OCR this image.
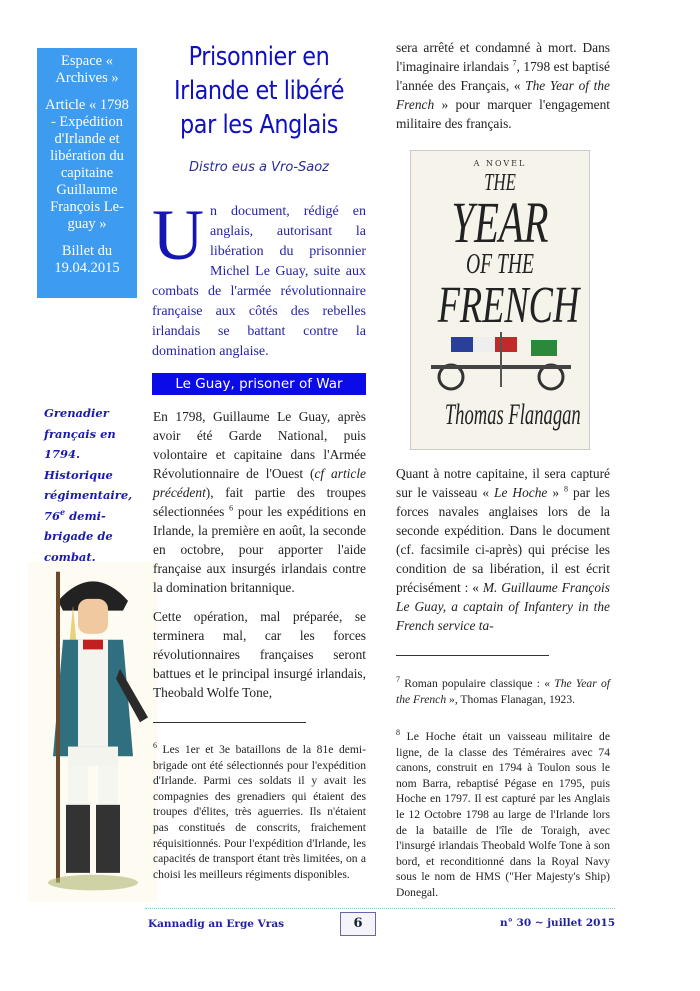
Espace « Archives »

Article « 1798 - Expédition d'Irlande et libération du capitaine Guillaume François Le-guay »

Billet du 19.04.2015

Prisonnier en Irlande et libéré par les Anglais
Distro eus a Vro-Saoz
Un document, rédigé en anglais, autorisant la libération du prisonnier Michel Le Guay, suite aux combats de l'armée révolutionnaire française aux côtés des rebelles irlandais se battant contre la domination anglaise.
Le Guay, prisoner of War
Grenadier français en 1794. Historique régimentaire, 76e demi-brigade de combat.

En 1798, Guillaume Le Guay, après avoir été Garde National, puis volontaire et capitaine dans l'Armée Révolutionnaire de l'Ouest (cf article précédent), fait partie des troupes sélectionnées $^6$ pour les expéditions en Irlande, la première en août, la seconde en octobre, pour apporter l'aide française aux insurgés irlandais contre la domination britannique.

Cette opération, mal préparée, se terminera mal, car les forces révolutionnaires françaises seront battues et le principal insurgé irlandais, Theobald Wolfe Tone,

$^6$ Les 1er et 3e bataillons de la 81e demi-brigade ont été sélectionnés pour l'expédition d'Irlande. Parmi ces soldats il y avait les compagnies des grenadiers qui étaient des troupes d'élites, très aguerries. Ils n'étaient pas constitués de conscrits, fraichement réquisitionnés. Pour l'expédition d'Irlande, les capacités de transport étant très limitées, on a choisi les meilleurs régiments disponibles.

sera arrêté et condamné à mort. Dans l'imaginaire irlandais $^7$, 1798 est baptisé l'année des Français, « The Year of the French » pour marquer l'engagement militaire des français.

A NOVEL
THE
YEAR
OF THE
FRENCH
Thomas Flanagan

Quant à notre capitaine, il sera capturé sur le vaisseau « Le Hoche » $^8$ par les forces navales anglaises lors de la seconde expédition. Dans le document (cf. facsimile ci-après) qui précise les condition de sa libération, il est écrit précisément : « M. Guillaume François Le Guay, a captain of Infantery in the French service ta-

$^7$ Roman populaire classique : « The Year of the French », Thomas Flanagan, 1923.
$^8$ Le Hoche était un vaisseau militaire de ligne, de la classe des Téméraires avec 74 canons, construit en 1794 à Toulon sous le nom Barra, rebaptisé Pégase en 1795, puis Hoche en 1797. Il est capturé par les Anglais le 12 Octobre 1798 au large de l'Irlande lors de la bataille de l'île de Toraigh, avec l'insurgé irlandais Theobald Wolfe Tone à son bord, et reconditionné dans la Royal Navy sous le nom de HMS ("Her Majesty's Ship) Donegal.
Kannadig an Erge Vras	6	n° 30 ~ juillet 2015
